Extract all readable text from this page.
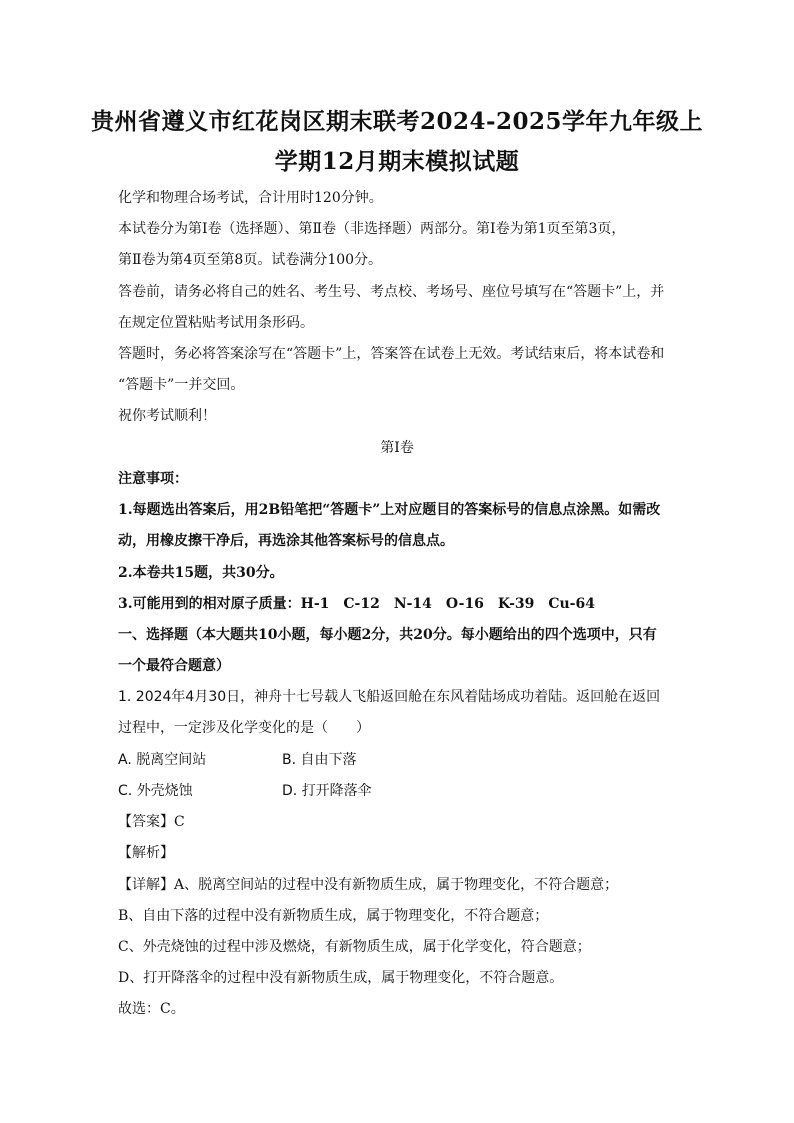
贵州省遵义市红花岗区期末联考2024-2025学年九年级上
学期12月期末模拟试题
化学和物理合场考试，合计用时120分钟。
本试卷分为第Ⅰ卷（选择题）、第Ⅱ卷（非选择题）两部分。第Ⅰ卷为第1页至第3页，
第Ⅱ卷为第4页至第8页。试卷满分100分。
答卷前，请务必将自己的姓名、考生号、考点校、考场号、座位号填写在“答题卡”上，并
在规定位置粘贴考试用条形码。
答题时，务必将答案涂写在“答题卡”上，答案答在试卷上无效。考试结束后，将本试卷和
“答题卡”一并交回。
祝你考试顺利！
第Ⅰ卷
注意事项：
1.每题选出答案后，用2B铅笔把“答题卡”上对应题目的答案标号的信息点涂黑。如需改
动，用橡皮擦干净后，再选涂其他答案标号的信息点。
2.本卷共15题，共30分。
3.可能用到的相对原子质量：H-1　C-12　N-14　O-16　K-39　Cu-64
一、选择题（本大题共10小题，每小题2分，共20分。每小题给出的四个选项中，只有
一个最符合题意）
1. 2024年4月30日，神舟十七号载人飞船返回舱在东风着陆场成功着陆。返回舱在返回
过程中，一定涉及化学变化的是（　　）
A. 脱离空间站	B. 自由下落
C. 外壳烧蚀	D. 打开降落伞
【答案】C
【解析】
【详解】A、脱离空间站的过程中没有新物质生成，属于物理变化，不符合题意；
B、自由下落的过程中没有新物质生成，属于物理变化，不符合题意；
C、外壳烧蚀的过程中涉及燃烧，有新物质生成，属于化学变化，符合题意；
D、打开降落伞的过程中没有新物质生成，属于物理变化，不符合题意。
故选：C。
